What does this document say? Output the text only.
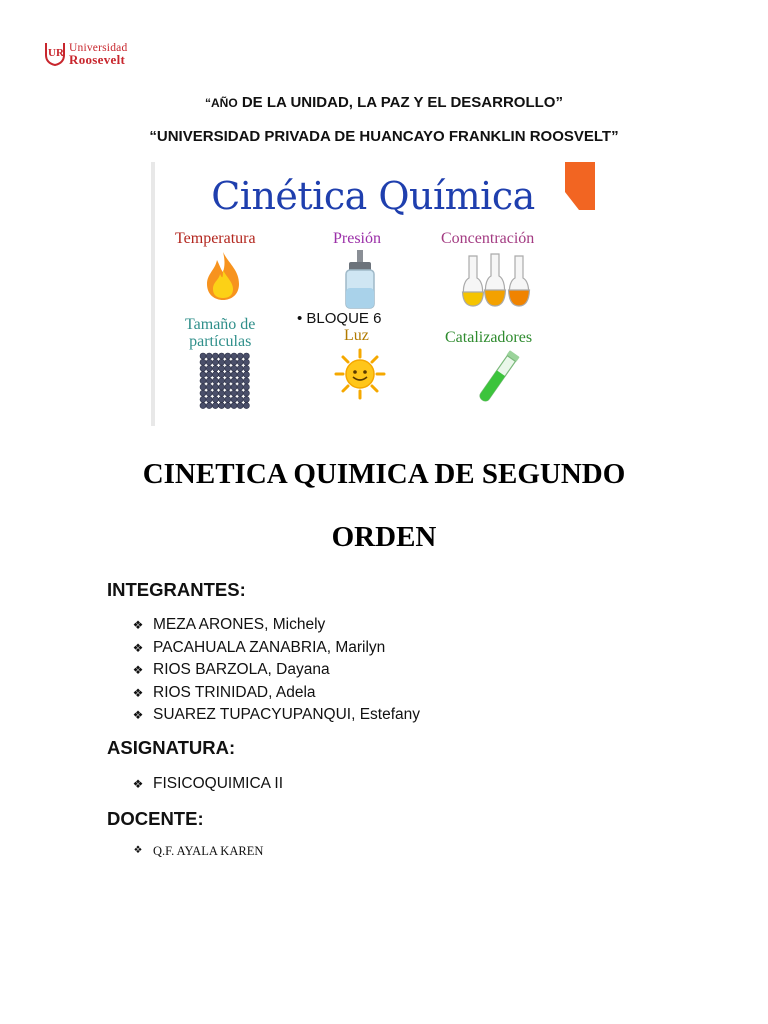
UR Universidad
Roosevelt
“AÑO DE LA UNIDAD, LA PAZ Y EL DESARROLLO”
“UNIVERSIDAD PRIVADA DE HUANCAYO FRANKLIN ROOSVELT”
Cinética Química
Temperatura	Presión	Concentración
Tamaño de
partículas	Luz	Catalizadores
• BLOQUE 6
CINETICA QUIMICA DE SEGUNDO
ORDEN
INTEGRANTES:
❖ MEZA ARONES, Michely
❖ PACAHUALA ZANABRIA, Marilyn
❖ RIOS BARZOLA, Dayana
❖ RIOS TRINIDAD, Adela
❖ SUAREZ TUPACYUPANQUI, Estefany
ASIGNATURA:
❖ FISICOQUIMICA II
DOCENTE:
❖ Q.F. AYALA KAREN
